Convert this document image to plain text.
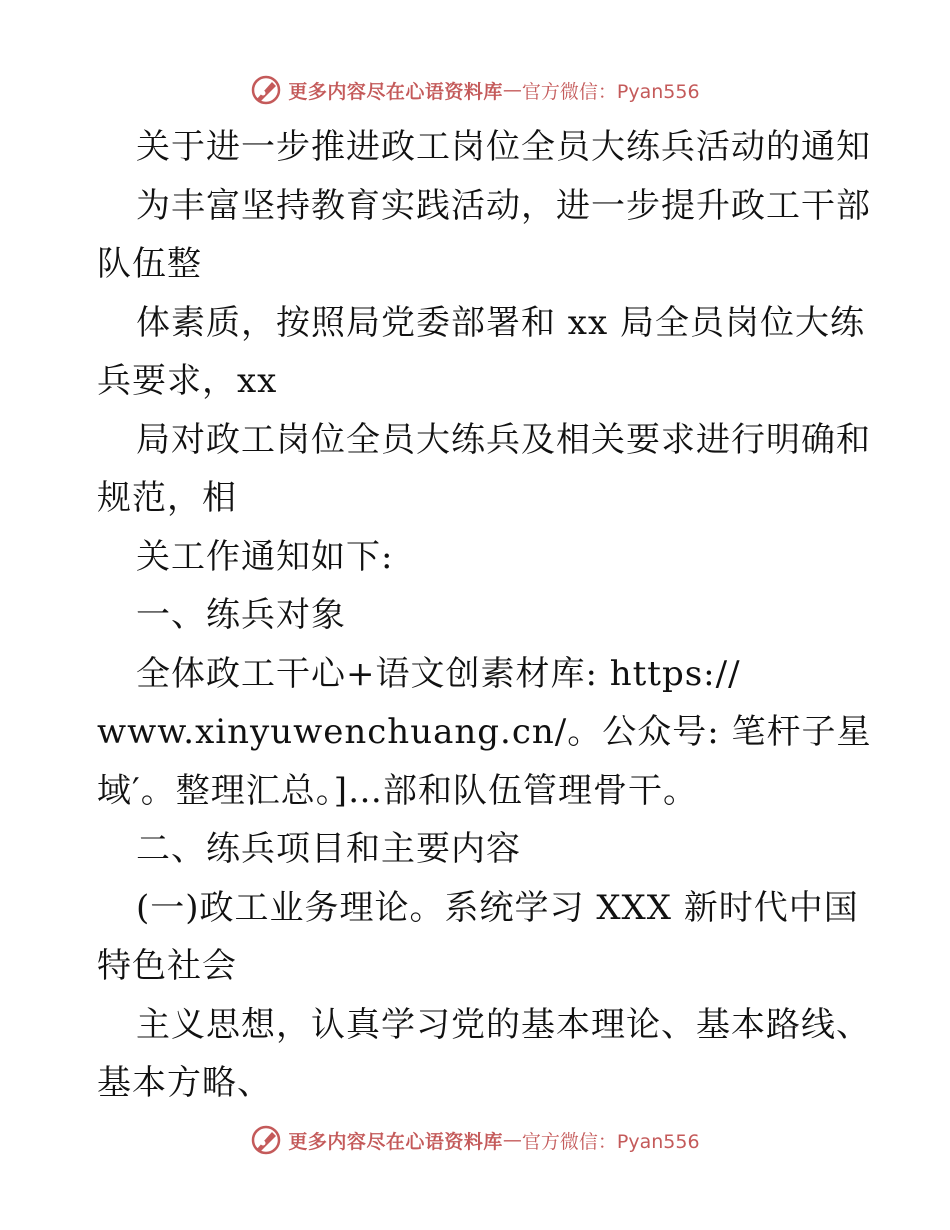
更多内容尽在心语资料库 — 官方微信：Pyan556
关于进一步推进政工岗位全员大练兵活动的通知
为丰富坚持教育实践活动，进一步提升政工干部
队伍整
体素质，按照局党委部署和 xx 局全员岗位大练
兵要求，xx
局对政工岗位全员大练兵及相关要求进行明确和
规范，相
关工作通知如下:
一、练兵对象
全体政工干心+语文创素材库: https://
www.xinyuwenchuang.cn/。公众号: 笔杆子星
域′。整理汇总。]…部和队伍管理骨干。
二、练兵项目和主要内容
(一)政工业务理论。系统学习 XXX 新时代中国
特色社会
主义思想，认真学习党的基本理论、基本路线、
基本方略、
更多内容尽在心语资料库 — 官方微信：Pyan556
